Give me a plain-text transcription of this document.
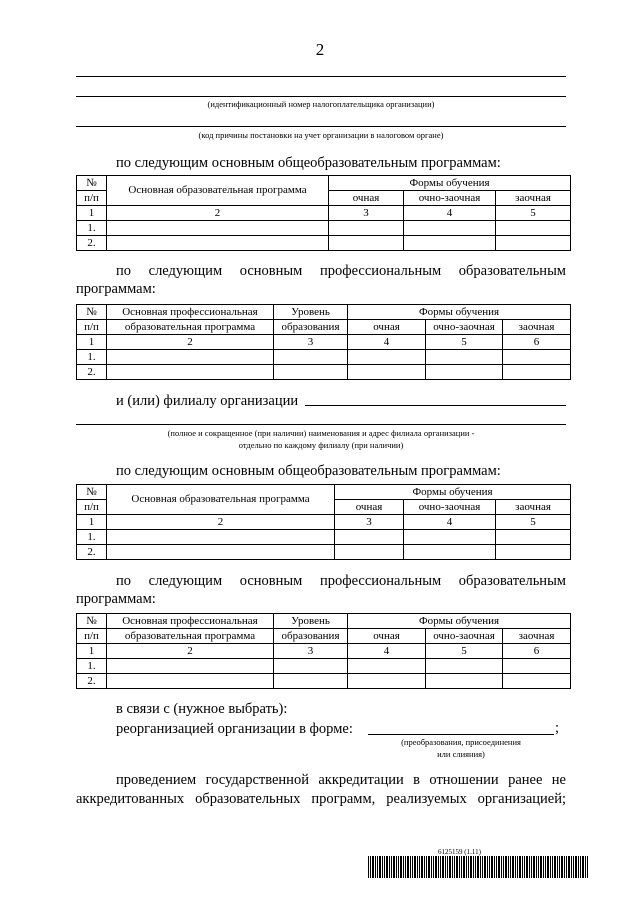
2
(идентификационный номер налогоплательщика организации)
(код причины постановки на учет организации в налоговом органе)
по следующим основным общеобразовательным программам:
№	Основная образовательная программа	Формы обучения		
п/п		очная	очно-заочная	заочная
1	2	3	4	5
1.				
2.				
по следующим основным профессиональным образовательным
программам:
№	Основная профессиональная	Уровень	Формы обучения		
п/п	образовательная программа	образования	очная	очно-заочная	заочная
1	2	3	4	5	6
1.					
2.					
и (или) филиалу организации
(полное и сокращенное (при наличии) наименования и адрес филиала организации -
отдельно по каждому филиалу (при наличии)
по следующим основным общеобразовательным программам:
№	Основная образовательная программа	Формы обучения		
п/п		очная	очно-заочная	заочная
1	2	3	4	5
1.				
2.				
по следующим основным профессиональным образовательным
программам:
№	Основная профессиональная	Уровень	Формы обучения		
п/п	образовательная программа	образования	очная	очно-заочная	заочная
1	2	3	4	5	6
1.					
2.					
в связи с (нужное выбрать):
реорганизацией организации в форме:	;
(преобразования, присоединения
или слияния)
проведением государственной аккредитации в отношении ранее не
аккредитованных образовательных программ, реализуемых организацией;
6125159 (1.11)
